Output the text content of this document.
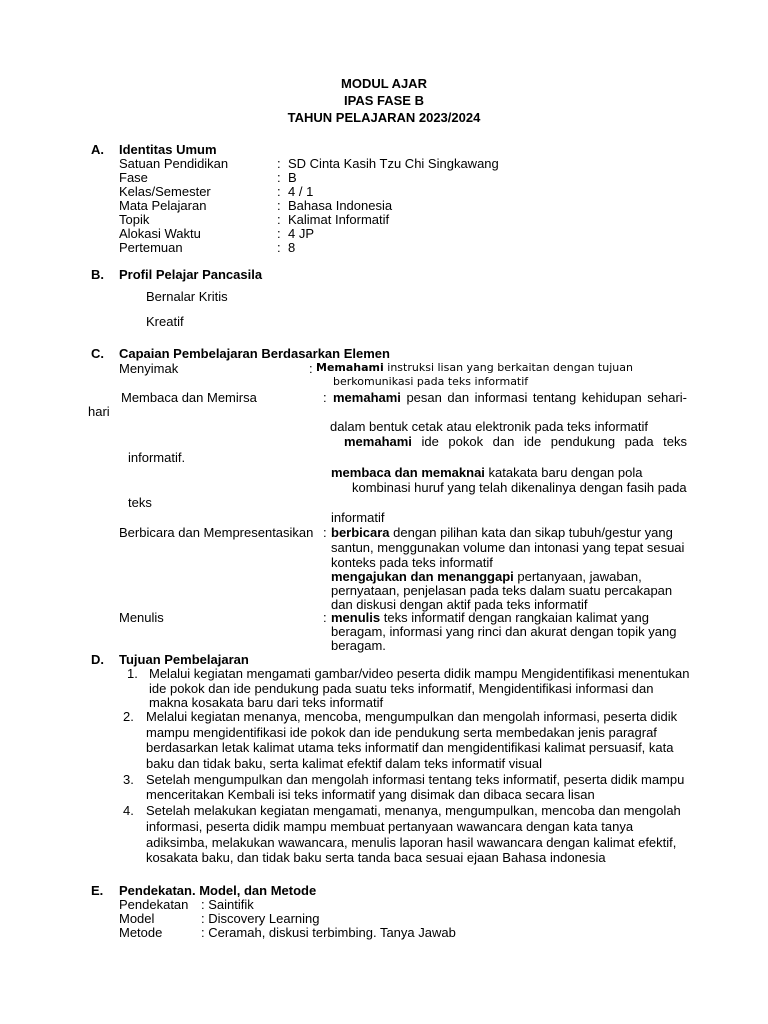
MODUL AJAR
IPAS FASE B
TAHUN PELAJARAN 2023/2024
A. Identitas Umum
Satuan Pendidikan	: SD Cinta Kasih Tzu Chi Singkawang
Fase	: B
Kelas/Semester	: 4 / 1
Mata Pelajaran	: Bahasa Indonesia
Topik	: Kalimat Informatif
Alokasi Waktu	: 4 JP
Pertemuan	: 8
B. Profil Pelajar Pancasila
Bernalar Kritis
Kreatif
C. Capaian Pembelajaran Berdasarkan Elemen
Menyimak	: Memahami instruksi lisan yang berkaitan dengan tujuan
berkomunikasi pada teks informatif
Membaca dan Memirsa	: memahami pesan dan informasi tentang kehidupan sehari-
hari
dalam bentuk cetak atau elektronik pada teks informatif
memahami ide pokok dan ide pendukung pada teks
informatif.
membaca dan memaknai katakata baru dengan pola
kombinasi huruf yang telah dikenalinya dengan fasih pada
teks
informatif
Berbicara dan Mempresentasikan : berbicara dengan pilihan kata dan sikap tubuh/gestur yang
santun, menggunakan volume dan intonasi yang tepat sesuai
konteks pada teks informatif
mengajukan dan menanggapi pertanyaan, jawaban,
pernyataan, penjelasan pada teks dalam suatu percakapan
dan diskusi dengan aktif pada teks informatif
Menulis	: menulis teks informatif dengan rangkaian kalimat yang
beragam, informasi yang rinci dan akurat dengan topik yang
beragam.
D. Tujuan Pembelajaran
1. Melalui kegiatan mengamati gambar/video peserta didik mampu Mengidentifikasi menentukan
ide pokok dan ide pendukung pada suatu teks informatif, Mengidentifikasi informasi dan
makna kosakata baru dari teks informatif
2. Melalui kegiatan menanya, mencoba, mengumpulkan dan mengolah informasi, peserta didik
mampu mengidentifikasi ide pokok dan ide pendukung serta membedakan jenis paragraf
berdasarkan letak kalimat utama teks informatif dan mengidentifikasi kalimat persuasif, kata
baku dan tidak baku, serta kalimat efektif dalam teks informatif visual
3. Setelah mengumpulkan dan mengolah informasi tentang teks informatif, peserta didik mampu
menceritakan Kembali isi teks informatif yang disimak dan dibaca secara lisan
4. Setelah melakukan kegiatan mengamati, menanya, mengumpulkan, mencoba dan mengolah
informasi, peserta didik mampu membuat pertanyaan wawancara dengan kata tanya
adiksimba, melakukan wawancara, menulis laporan hasil wawancara dengan kalimat efektif,
kosakata baku, dan tidak baku serta tanda baca sesuai ejaan Bahasa indonesia
E. Pendekatan. Model, dan Metode
Pendekatan : Saintifik
Model	: Discovery Learning
Metode	: Ceramah, diskusi terbimbing. Tanya Jawab
